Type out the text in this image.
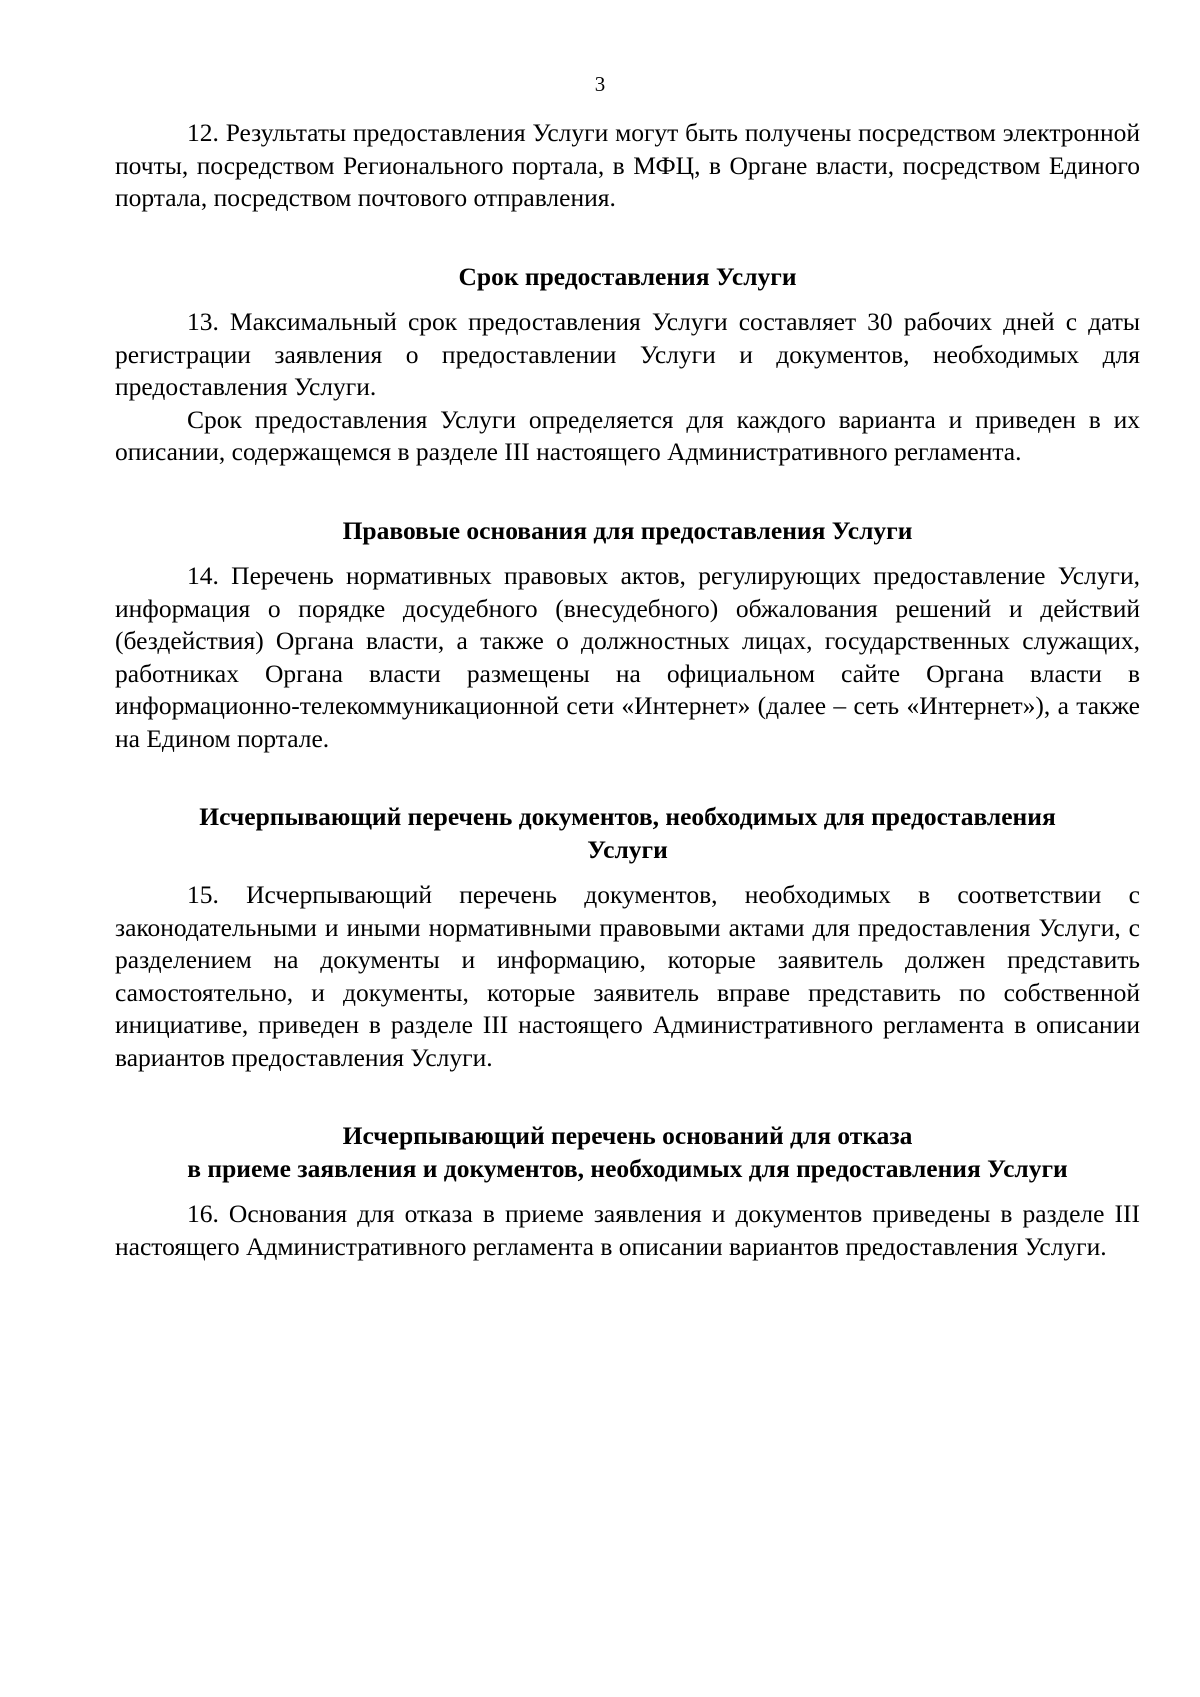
3

12. Результаты предоставления Услуги могут быть получены посредством электронной почты, посредством Регионального портала, в МФЦ, в Органе власти, посредством Единого портала, посредством почтового отправления.

Срок предоставления Услуги

13. Максимальный срок предоставления Услуги составляет 30 рабочих дней с даты регистрации заявления о предоставлении Услуги и документов, необходимых для предоставления Услуги.

Срок предоставления Услуги определяется для каждого варианта и приведен в их описании, содержащемся в разделе III настоящего Административного регламента.

Правовые основания для предоставления Услуги

14. Перечень нормативных правовых актов, регулирующих предоставление Услуги, информация о порядке досудебного (внесудебного) обжалования решений и действий (бездействия) Органа власти, а также о должностных лицах, государственных служащих, работниках Органа власти размещены на официальном сайте Органа власти в информационно-телекоммуникационной сети «Интернет» (далее – сеть «Интернет»), а также на Едином портале.

Исчерпывающий перечень документов, необходимых для предоставления
Услуги

15. Исчерпывающий перечень документов, необходимых в соответствии с законодательными и иными нормативными правовыми актами для предоставления Услуги, с разделением на документы и информацию, которые заявитель должен представить самостоятельно, и документы, которые заявитель вправе представить по собственной инициативе, приведен в разделе III настоящего Административного регламента в описании вариантов предоставления Услуги.

Исчерпывающий перечень оснований для отказа
в приеме заявления и документов, необходимых для предоставления Услуги

16. Основания для отказа в приеме заявления и документов приведены в разделе III настоящего Административного регламента в описании вариантов предоставления Услуги.
